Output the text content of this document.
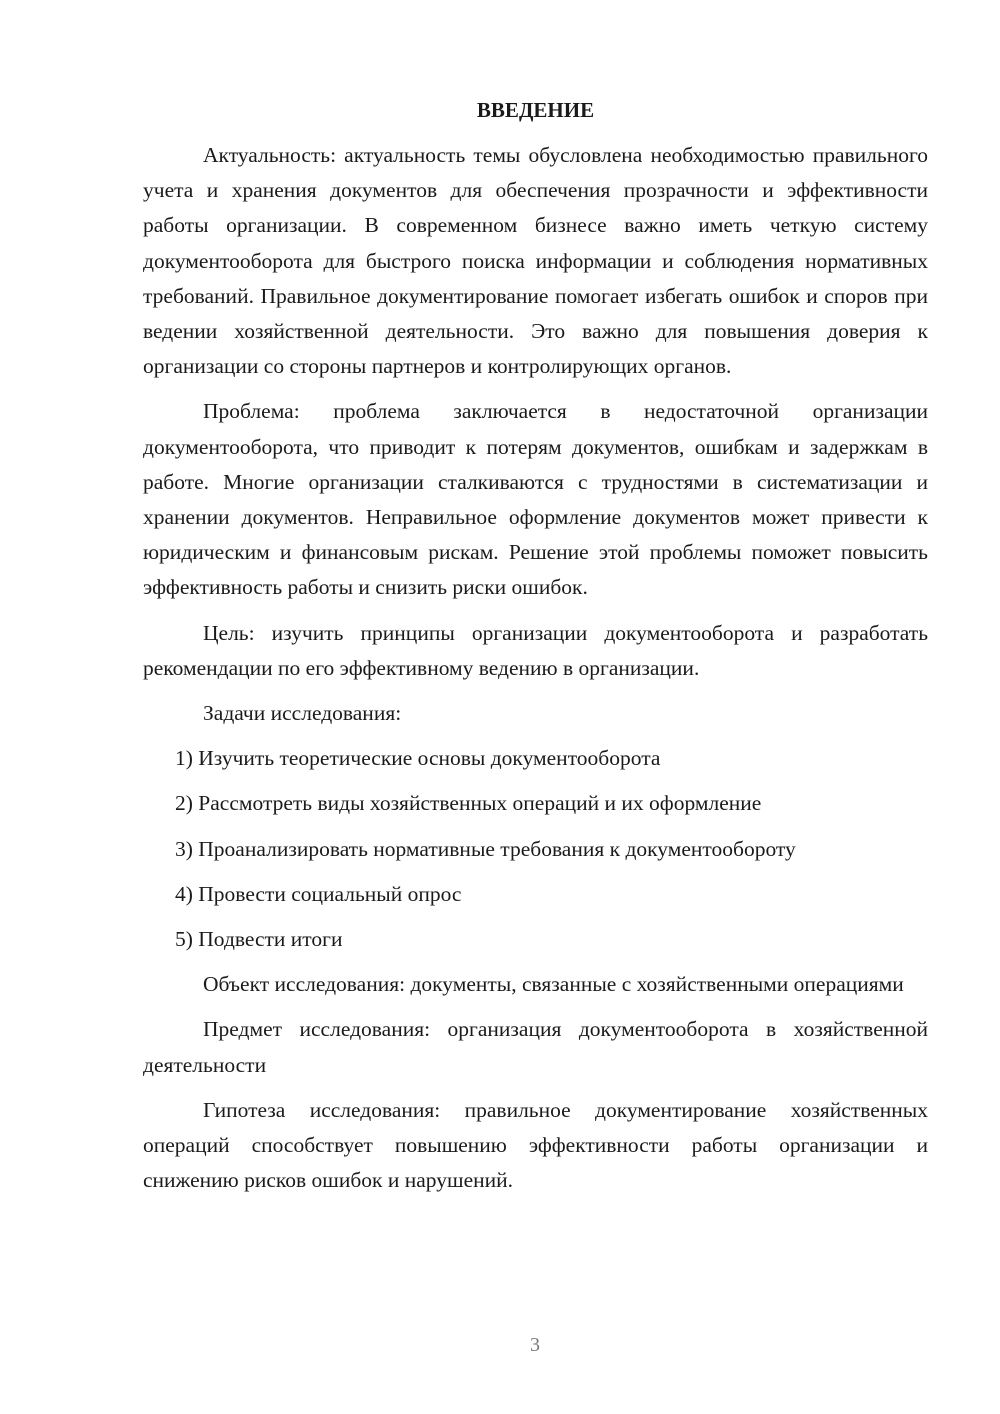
ВВЕДЕНИЕ

Актуальность: актуальность темы обусловлена необходимостью правильного учета и хранения документов для обеспечения прозрачности и эффективности работы организации. В современном бизнесе важно иметь четкую систему документооборота для быстрого поиска информации и соблюдения нормативных требований. Правильное документирование помогает избегать ошибок и споров при ведении хозяйственной деятельности. Это важно для повышения доверия к организации со стороны партнеров и контролирующих органов.

Проблема: проблема заключается в недостаточной организации документооборота, что приводит к потерям документов, ошибкам и задержкам в работе. Многие организации сталкиваются с трудностями в систематизации и хранении документов. Неправильное оформление документов может привести к юридическим и финансовым рискам. Решение этой проблемы поможет повысить эффективность работы и снизить риски ошибок.

Цель: изучить принципы организации документооборота и разработать рекомендации по его эффективному ведению в организации.

Задачи исследования:

1) Изучить теоретические основы документооборота
2) Рассмотреть виды хозяйственных операций и их оформление
3) Проанализировать нормативные требования к документообороту
4) Провести социальный опрос
5) Подвести итоги

Объект исследования: документы, связанные с хозяйственными операциями

Предмет исследования: организация документооборота в хозяйственной деятельности

Гипотеза исследования: правильное документирование хозяйственных операций способствует повышению эффективности работы организации и снижению рисков ошибок и нарушений.

3
